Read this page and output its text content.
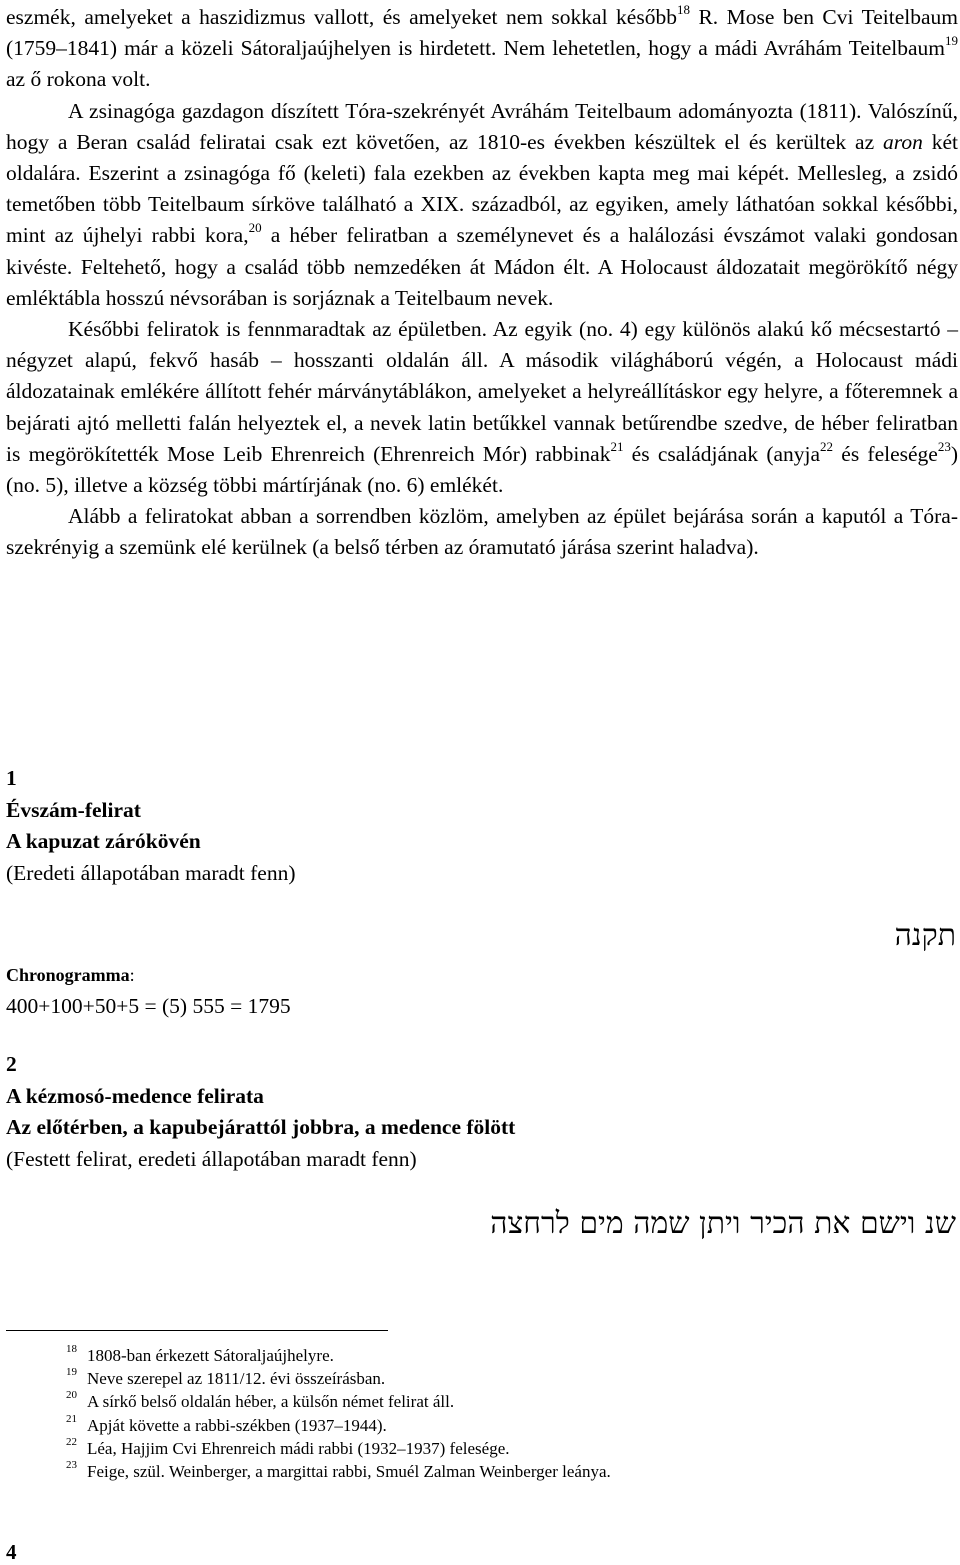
eszmék, amelyeket a haszidizmus vallott, és amelyeket nem sokkal később$^{18}$ R. Mose ben Cvi Teitelbaum (1759–1841) már a közeli Sátoraljaújhelyen is hirdetett. Nem lehetetlen, hogy a mádi Avráhám Teitelbaum$^{19}$ az ő rokona volt.

A zsinagóga gazdagon díszített Tóra-szekrényét Avráhám Teitelbaum adományozta (1811). Valószínű, hogy a Beran család feliratai csak ezt követően, az 1810-es években készültek el és kerültek az aron két oldalára. Eszerint a zsinagóga fő (keleti) fala ezekben az években kapta meg mai képét. Mellesleg, a zsidó temetőben több Teitelbaum sírköve található a XIX. századból, az egyiken, amely láthatóan sokkal későbbi, mint az újhelyi rabbi kora,$^{20}$ a héber feliratban a személynevet és a halálozási évszámot valaki gondosan kivéste. Feltehető, hogy a család több nemzedéken át Mádon élt. A Holocaust áldozatait megörökítő négy emléktábla hosszú névsorában is sorjáznak a Teitelbaum nevek.

Későbbi feliratok is fennmaradtak az épületben. Az egyik (no. 4) egy különös alakú kő mécsestartó – négyzet alapú, fekvő hasáb – hosszanti oldalán áll. A második világháború végén, a Holocaust mádi áldozatainak emlékére állított fehér márványtáblákon, amelyeket a helyreállításkor egy helyre, a főteremnek a bejárati ajtó melletti falán helyeztek el, a nevek latin betűkkel vannak betűrendbe szedve, de héber feliratban is megörökítették Mose Leib Ehrenreich (Ehrenreich Mór) rabbinak$^{21}$ és családjának (anyja$^{22}$ és felesége$^{23}$) (no. 5), illetve a község többi mártírjának (no. 6) emlékét.

Alább a feliratokat abban a sorrendben közlöm, amelyben az épület bejárása során a kaputól a Tóra-szekrényig a szemünk elé kerülnek (a belső térben az óramutató járása szerint haladva).

1
Évszám-felirat
A kapuzat zárókövén
(Eredeti állapotában maradt fenn)
תקנה
Chronogramma:
400+100+50+5 = (5) 555 = 1795
2
A kézmosó-medence felirata
Az előtérben, a kapubejárattól jobbra, a medence fölött
(Festett felirat, eredeti állapotában maradt fenn)
שנ וישם את הכיר ויתן שמה מים לרחצה
$^{18}$ 1808-ban érkezett Sátoraljaújhelyre.
$^{19}$ Neve szerepel az 1811/12. évi összeírásban.
$^{20}$ A sírkő belső oldalán héber, a külsőn német felirat áll.
$^{21}$ Apját követte a rabbi-székben (1937–1944).
$^{22}$ Léa, Hajjim Cvi Ehrenreich mádi rabbi (1932–1937) felesége.
$^{23}$ Feige, szül. Weinberger, a margittai rabbi, Smuél Zalman Weinberger leánya.
4
